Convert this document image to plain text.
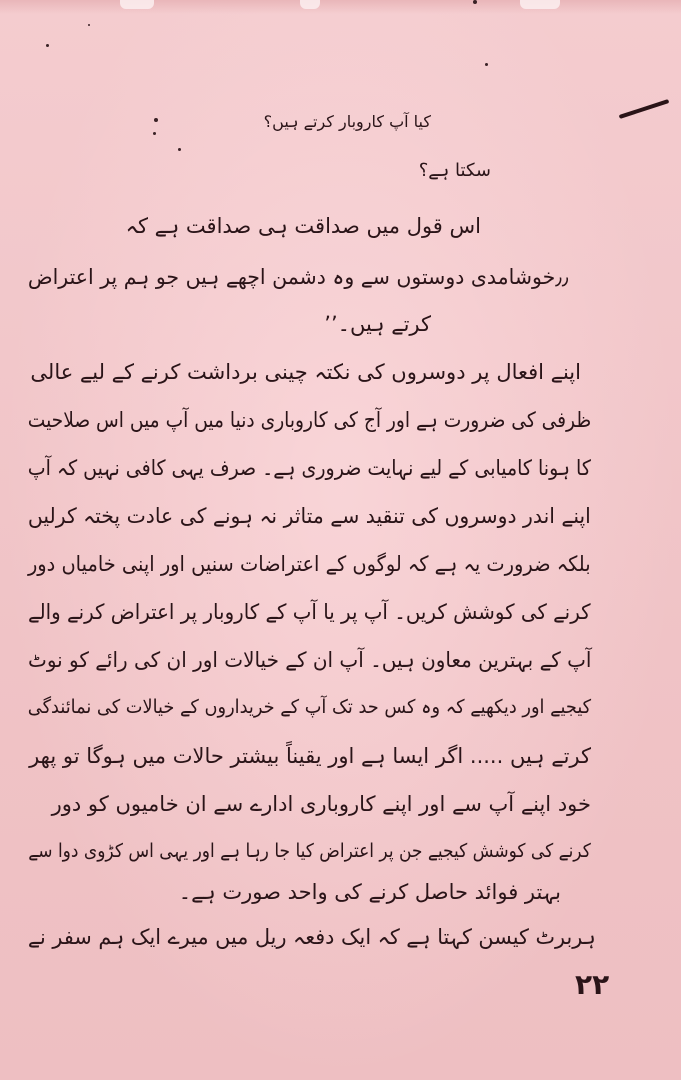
کیا آپ کاروبار کرتے ہیں؟
سکتا ہے؟
اس قول میں صداقت ہی صداقت ہے کہ
٫٫خوشامدی دوستوں سے وہ دشمن اچھے ہیں جو ہم پر اعتراض
کرتے ہیں۔٬٬
اپنے افعال پر دوسروں کی نکتہ چینی برداشت کرنے کے لیے عالی
ظرفی کی ضرورت ہے اور آج کی کاروباری دنیا میں آپ میں اس صلاحیت
کا ہونا کامیابی کے لیے نہایت ضروری ہے۔ صرف یہی کافی نہیں کہ آپ
اپنے اندر دوسروں کی تنقید سے متاثر نہ ہونے کی عادت پختہ کرلیں
بلکہ ضرورت یہ ہے کہ لوگوں کے اعتراضات سنیں اور اپنی خامیاں دور
کرنے کی کوشش کریں۔ آپ پر یا آپ کے کاروبار پر اعتراض کرنے والے
آپ کے بہترین معاون ہیں۔ آپ ان کے خیالات اور ان کی رائے کو نوٹ
کیجیے اور دیکھیے کہ وہ کس حد تک آپ کے خریداروں کے خیالات کی نمائندگی
کرتے ہیں ..... اگر ایسا ہے اور یقیناً بیشتر حالات میں ہوگا تو پھر
خود اپنے آپ سے اور اپنے کاروباری ادارے سے ان خامیوں کو دور
کرنے کی کوشش کیجیے جن پر اعتراض کیا جا رہا ہے اور یہی اس کڑوی دوا سے
بہتر فوائد حاصل کرنے کی واحد صورت ہے۔
ہربرٹ کیسن کہتا ہے کہ ایک دفعہ ریل میں میرے ایک ہم سفر نے
۲۲
